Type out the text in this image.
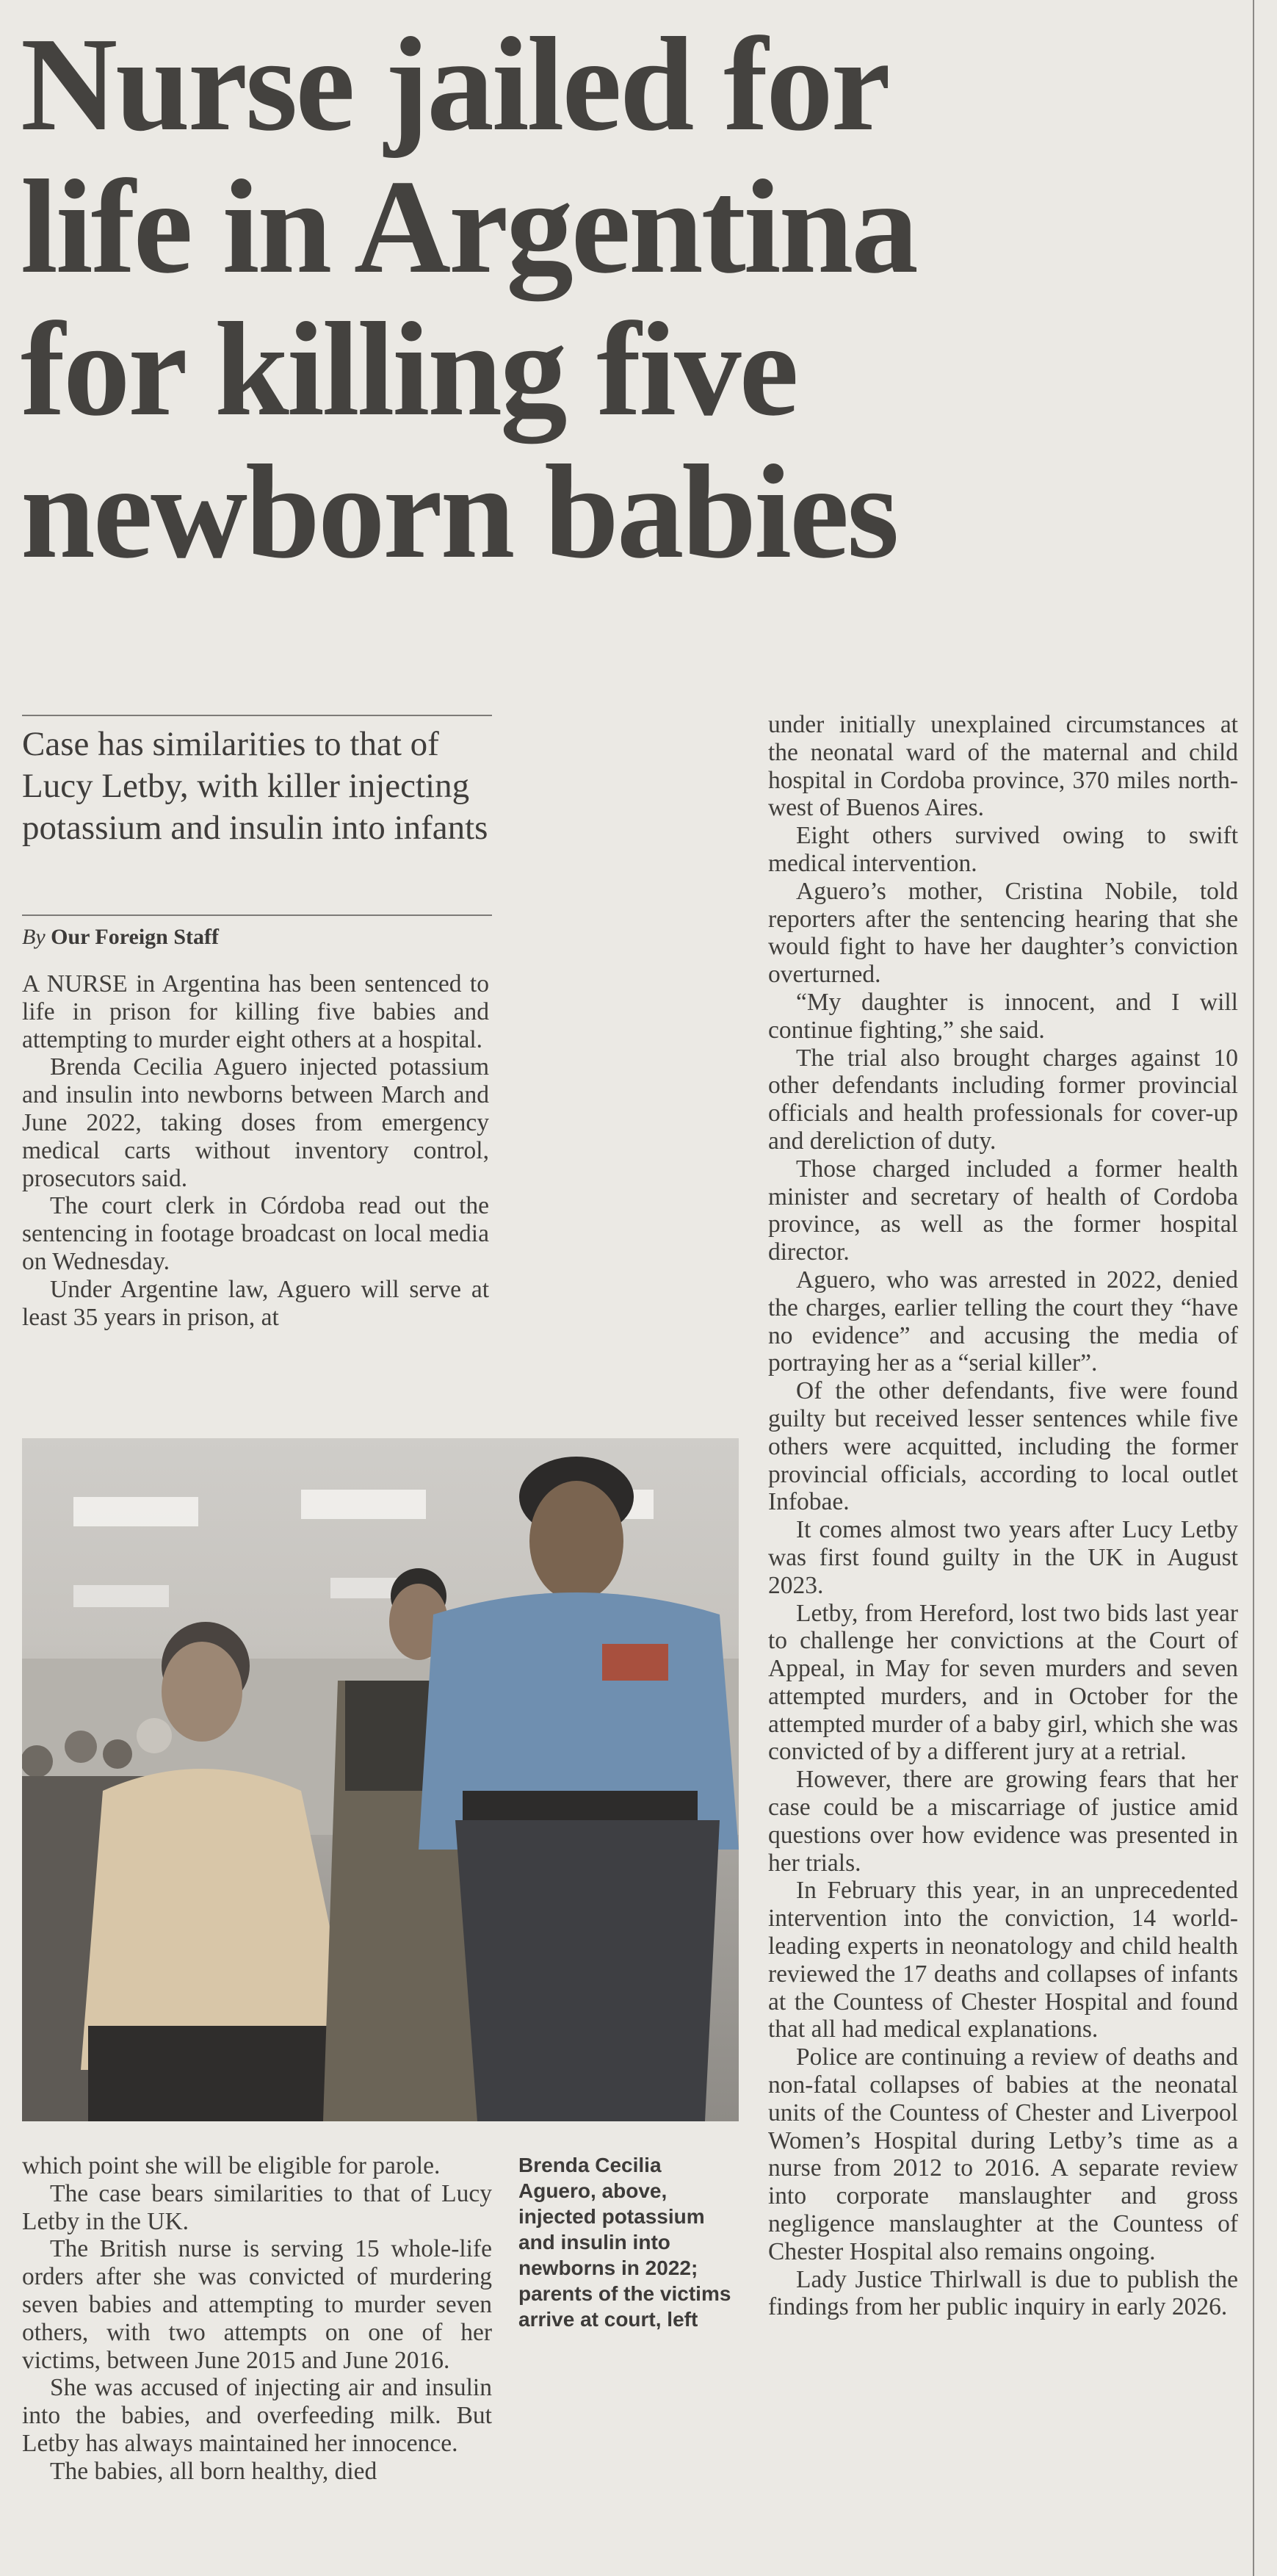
Nurse jailed for
life in Argentina
for killing five
newborn babies
Case has similarities to that of Lucy Letby, with killer injecting potassium and insulin into infants
By Our Foreign Staff

A NURSE in Argentina has been sentenced to life in prison for killing five babies and attempting to murder eight others at a hospital.

Brenda Cecilia Aguero injected potassium and insulin into newborns between March and June 2022, taking doses from emergency medical carts without inventory control, prosecutors said.

The court clerk in Córdoba read out the sentencing in footage broadcast on local media on Wednesday.

Under Argentine law, Aguero will serve at least 35 years in prison, at

which point she will be eligible for parole.

The case bears similarities to that of Lucy Letby in the UK.

The British nurse is serving 15 whole-life orders after she was convicted of murdering seven babies and attempting to murder seven others, with two attempts on one of her victims, between June 2015 and June 2016.

She was accused of injecting air and insulin into the babies, and overfeeding milk. But Letby has always maintained her innocence.

The babies, all born healthy, died

Brenda Cecilia Aguero, above, injected potassium and insulin into newborns in 2022; parents of the victims arrive at court, left

under initially unexplained circumstances at the neonatal ward of the maternal and child hospital in Cordoba province, 370 miles north-west of Buenos Aires.

Eight others survived owing to swift medical intervention.

Aguero’s mother, Cristina Nobile, told reporters after the sentencing hearing that she would fight to have her daughter’s conviction overturned.

“My daughter is innocent, and I will continue fighting,” she said.

The trial also brought charges against 10 other defendants including former provincial officials and health professionals for cover-up and dereliction of duty.

Those charged included a former health minister and secretary of health of Cordoba province, as well as the former hospital director.

Aguero, who was arrested in 2022, denied the charges, earlier telling the court they “have no evidence” and accusing the media of portraying her as a “serial killer”.

Of the other defendants, five were found guilty but received lesser sentences while five others were acquitted, including the former provincial officials, according to local outlet Infobae.

It comes almost two years after Lucy Letby was first found guilty in the UK in August 2023.

Letby, from Hereford, lost two bids last year to challenge her convictions at the Court of Appeal, in May for seven murders and seven attempted murders, and in October for the attempted murder of a baby girl, which she was convicted of by a different jury at a retrial.

However, there are growing fears that her case could be a miscarriage of justice amid questions over how evidence was presented in her trials.

In February this year, in an unprecedented intervention into the conviction, 14 world-leading experts in neonatology and child health reviewed the 17 deaths and collapses of infants at the Countess of Chester Hospital and found that all had medical explanations.

Police are continuing a review of deaths and non-fatal collapses of babies at the neonatal units of the Countess of Chester and Liverpool Women’s Hospital during Letby’s time as a nurse from 2012 to 2016. A separate review into corporate manslaughter and gross negligence manslaughter at the Countess of Chester Hospital also remains ongoing.

Lady Justice Thirlwall is due to publish the findings from her public inquiry in early 2026.
